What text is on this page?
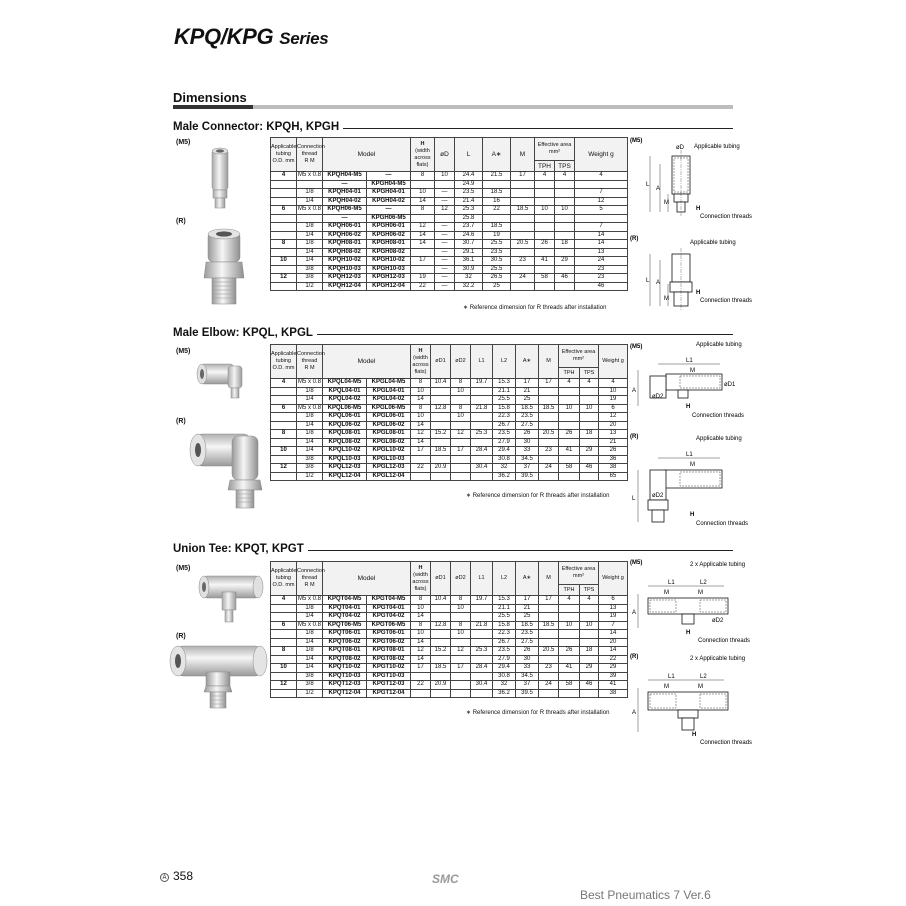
KPQ/KPG Series
Dimensions
Male Connector: KPQH, KPGH
(M5)
(R)
Applicable tubing O.D. mm	Connection thread
R M	Model		H
(width across flats)	øD	L	A∗	M	Effective area mm²		Weight g
									TPH	TPS	
4	M5 x 0.8	KPQH04-M5	—	8	10	24.4	21.5	17	4	4	4
		—	KPGH04-M5			24.9					
	1/8	KPQH04-01	KPGH04-01	10	—	23.5	18.5				7
	1/4	KPQH04-02	KPGH04-02	14	—	21.4	16				12
6	M5 x 0.8	KPQH06-M5	—	8	12	25.3	22	18.5	10	10	5
		—	KPGH06-M5			25.8					
	1/8	KPQH06-01	KPGH06-01	12	—	23.7	18.5				7
	1/4	KPQH06-02	KPGH06-02	14	—	24.6	19				14
8	1/8	KPQH08-01	KPGH08-01	14	—	30.7	25.5	20.5	26	18	14
	1/4	KPQH08-02	KPGH08-02		—	29.1	23.5				13
10	1/4	KPQH10-02	KPGH10-02	17	—	36.1	30.5	23	41	29	24
	3/8	KPQH10-03	KPGH10-03		—	30.9	25.5				23
12	3/8	KPQH12-03	KPGH12-03	19	—	32	26.5	24	58	46	23
	1/2	KPQH12-04	KPGH12-04	22	—	32.2	25				46
∗ Reference dimension for R threads after installation
(M5)
øD Applicable tubing
L
A
M
H
Connection threads
(R)
Applicable tubing
L A
M
H
Connection threads
Male Elbow: KPQL, KPGL
(M5)
(R)
Applicable tubing O.D. mm	Connection thread
R M	Model		H
(width across flats)	øD1	øD2	L1	L2	A∗	M	Effective area mm²		Weight g
											TPH	TPS	
4	M5 x 0.8	KPQL04-M5	KPGL04-M5	8	10.4	8	19.7	15.3	17	17	4	4	4
	1/8	KPQL04-01	KPGL04-01	10		10		21.1	21				10
	1/4	KPQL04-02	KPGL04-02	14				25.5	25				19
6	M5 x 0.8	KPQL06-M5	KPGL06-M5	8	12.8	8	21.8	15.8	18.5	18.5	10	10	6
	1/8	KPQL06-01	KPGL06-01	10		10		22.3	23.5				12
	1/4	KPQL06-02	KPGL06-02	14				26.7	27.5				20
8	1/8	KPQL08-01	KPGL08-01	12	15.2	12	25.3	23.5	26	20.5	26	18	13
	1/4	KPQL08-02	KPGL08-02	14				27.9	30				21
10	1/4	KPQL10-02	KPGL10-02	17	18.5	17	28.4	29.4	33	23	41	29	26
	3/8	KPQL10-03	KPGL10-03					30.8	34.5				36
12	3/8	KPQL12-03	KPGL12-03	22	20.9		30.4	32	37	24	58	46	38
	1/2	KPQL12-04	KPGL12-04					36.2	39.5				65
∗ Reference dimension for R threads after installation
(M5)	Applicable tubing
L1
M
A
øD1
øD2
H
Connection threads
(R)	Applicable tubing
L1
M
L	øD2
H
Connection threads
Union Tee: KPQT, KPGT
(M5)
(R)
Applicable tubing O.D. mm	Connection thread
R M	Model		H
(width across flats)	øD1	øD2	L1	L2	A∗	M	Effective area mm²		Weight g
											TPH	TPS	
4	M5 x 0.8	KPQT04-M5	KPGT04-M5	8	10.4	8	19.7	15.3	17	17	4	4	6
	1/8	KPQT04-01	KPGT04-01	10		10		21.1	21				13
	1/4	KPQT04-02	KPGT04-02	14				25.5	25				19
6	M5 x 0.8	KPQT06-M5	KPGT06-M5	8	12.8	8	21.8	15.8	18.5	18.5	10	10	7
	1/8	KPQT06-01	KPGT06-01	10		10		22.3	23.5				14
	1/4	KPQT06-02	KPGT06-02	14				26.7	27.5				20
8	1/8	KPQT08-01	KPGT08-01	12	15.2	12	25.3	23.5	26	20.5	26	18	14
	1/4	KPQT08-02	KPGT08-02	14				27.9	30				22
10	1/4	KPQT10-02	KPGT10-02	17	18.5	17	28.4	29.4	33	23	41	29	29
	3/8	KPQT10-03	KPGT10-03					30.8	34.5				39
12	3/8	KPQT12-03	KPGT12-03	22	20.9		30.4	32	37	24	58	46	41
	1/2	KPQT12-04	KPGT12-04					36.2	39.5				38
∗ Reference dimension for R threads after installation
(M5)	2 x Applicable tubing
L1	L2
M	M
A
øD2
H
Connection threads
(R)	2 x Applicable tubing
L1	L2
M	M
A
H
Connection threads
A 358	SMC
Best Pneumatics 7 Ver.6
